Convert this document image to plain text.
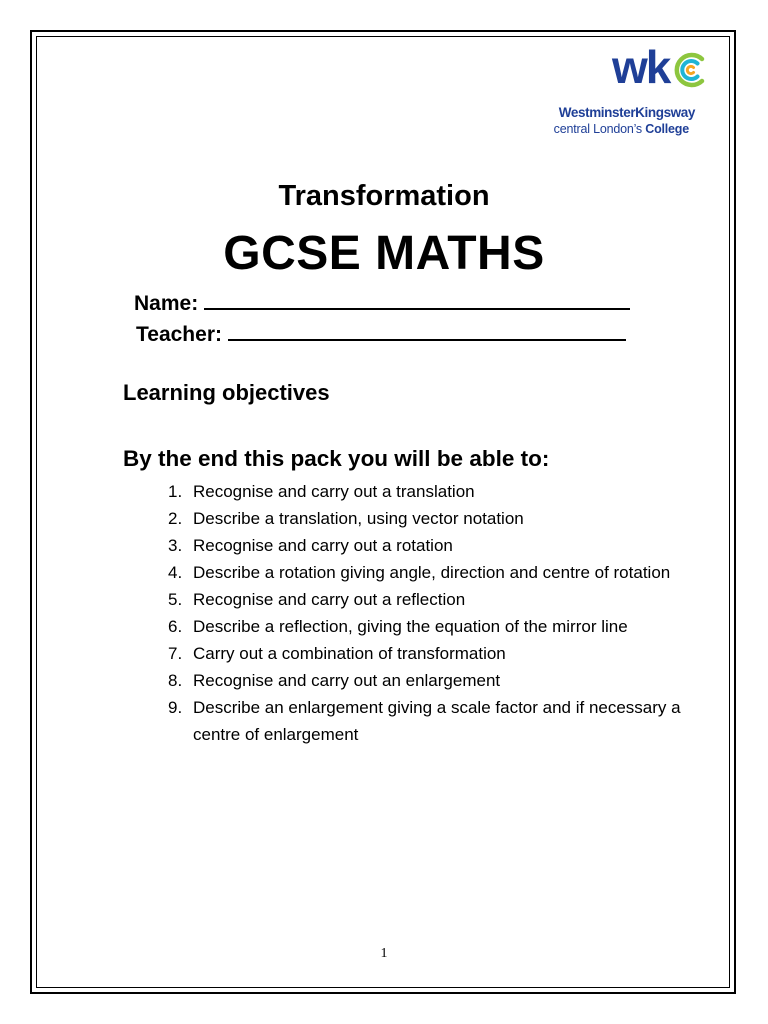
wk
WestminsterKingsway
central London’s College
Transformation
GCSE MATHS
Name:
Teacher:
Learning objectives
By the end this pack you will be able to:
1. Recognise and carry out a translation
2. Describe a translation, using vector notation
3. Recognise and carry out a rotation
4. Describe a rotation giving angle, direction and centre of rotation
5. Recognise and carry out a reflection
6. Describe a reflection, giving the equation of the mirror line
7. Carry out a combination of transformation
8. Recognise and carry out an enlargement
9. Describe an enlargement giving a scale factor and if necessary a centre of enlargement
1
